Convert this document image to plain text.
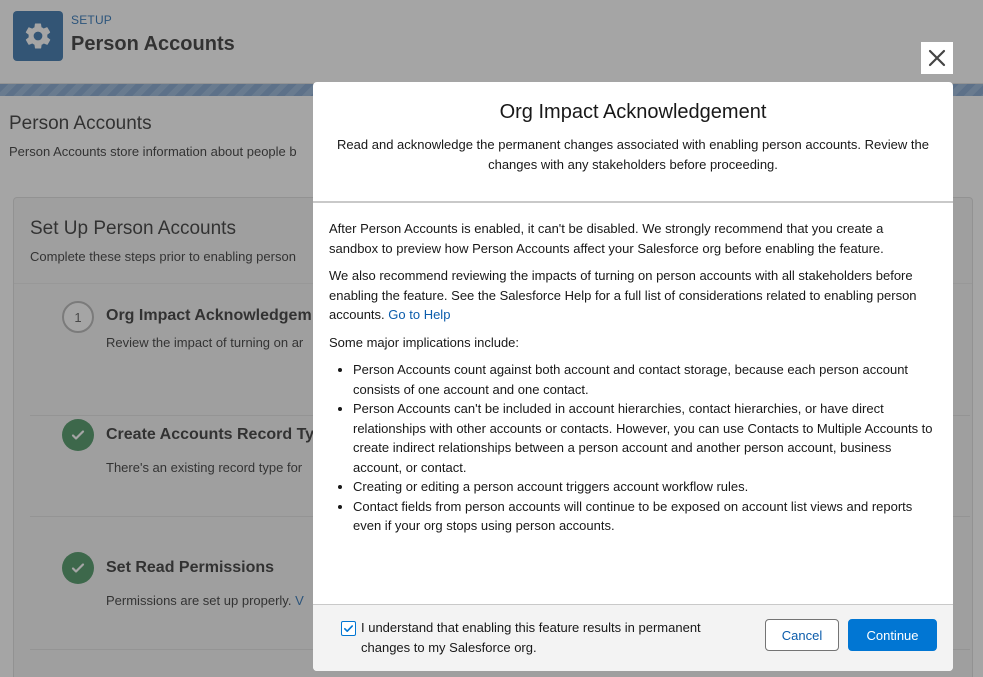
Org Impact Acknowledgement
Read and acknowledge the permanent changes associated with enabling person accounts. Review the changes with any stakeholders before proceeding.

After Person Accounts is enabled, it can't be disabled. We strongly recommend that you create a sandbox to preview how Person Accounts affect your Salesforce org before enabling the feature.

We also recommend reviewing the impacts of turning on person accounts with all stakeholders before enabling the feature. See the Salesforce Help for a full list of considerations related to enabling person accounts. Go to Help

Some major implications include:

• Person Accounts count against both account and contact storage, because each person account consists of one account and one contact.
• Person Accounts can't be included in account hierarchies, contact hierarchies, or have direct relationships with other accounts or contacts. However, you can use Contacts to Multiple Accounts to create indirect relationships between a person account and another person account, business account, or contact.
• Creating or editing a person account triggers account workflow rules.
• Contact fields from person accounts will continue to be exposed on account list views and reports even if your org stops using person accounts.
I understand that enabling this feature results in permanent changes to my Salesforce org.
Cancel	Continue
